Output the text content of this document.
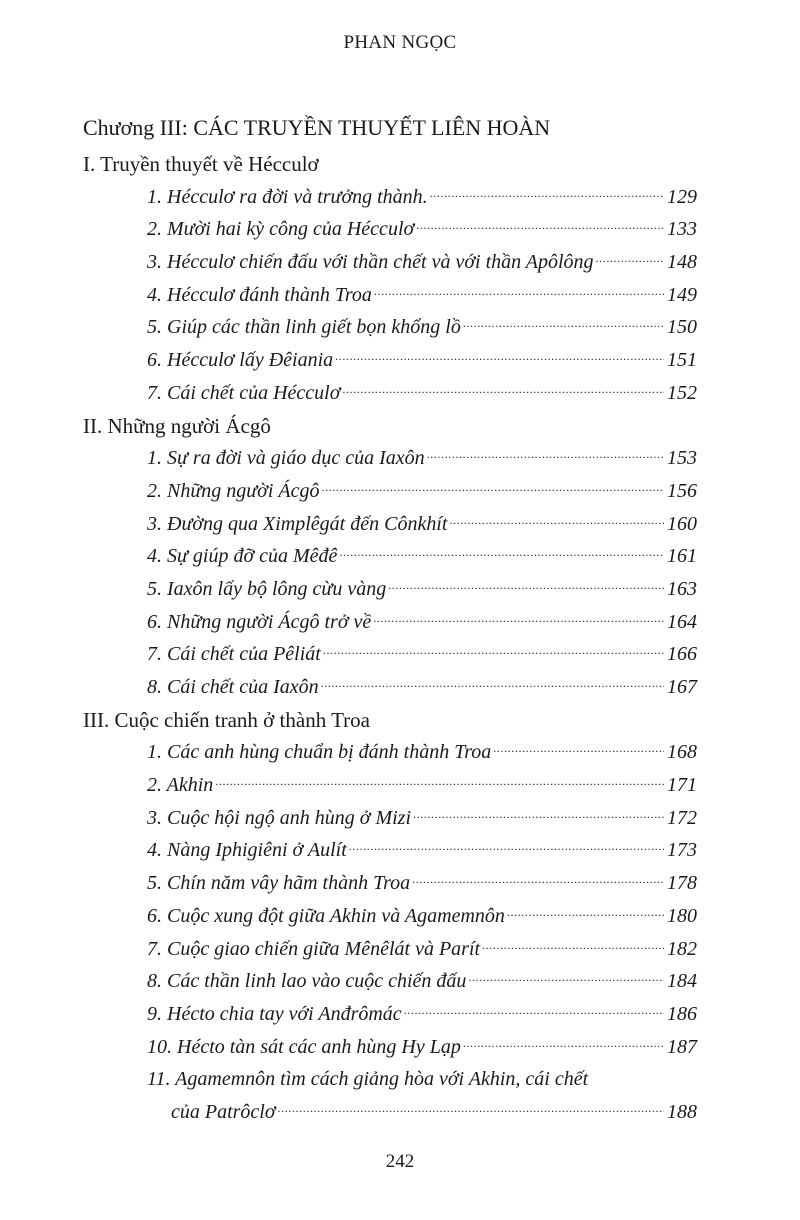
PHAN NGỌC
Chương III: CÁC TRUYỀN THUYẾT LIÊN HOÀN
I. Truyền thuyết về Hécculơ
1. Hécculơ ra đời và trưởng thành. .....	129
2. Mười hai kỳ công của Hécculơ .....	133
3. Hécculơ chiến đấu với thần chết và với thần Apôlông .....	148
4. Hécculơ đánh thành Troa .....	149
5. Giúp các thần linh giết bọn khổng lồ .....	150
6. Hécculơ lấy Đêiania .....	151
7. Cái chết của Hécculơ .....	152
II. Những người Ácgô
1. Sự ra đời và giáo dục của Iaxôn .....	153
2. Những người Ácgô .....	156
3. Đường qua Ximplêgát đến Cônkhít .....	160
4. Sự giúp đỡ của Mêđê .....	161
5. Iaxôn lấy bộ lông cừu vàng .....	163
6. Những người Ácgô trở về .....	164
7. Cái chết của Pêliát .....	166
8. Cái chết của Iaxôn .....	167
III. Cuộc chiến tranh ở thành Troa
1. Các anh hùng chuẩn bị đánh thành Troa .....	168
2. Akhin .....	171
3. Cuộc hội ngộ anh hùng ở Mizi .....	172
4. Nàng Iphigiêni ở Aulít .....	173
5. Chín năm vây hãm thành Troa .....	178
6. Cuộc xung đột giữa Akhin và Agamemnôn .....	180
7. Cuộc giao chiến giữa Mênêlát và Parít .....	182
8. Các thần linh lao vào cuộc chiến đấu .....	184
9. Hécto chia tay với Anđrômác .....	186
10. Hécto tàn sát các anh hùng Hy Lạp .....	187
11. Agamemnôn tìm cách giảng hòa với Akhin, cái chết
của Patrôclơ .....	188
242
